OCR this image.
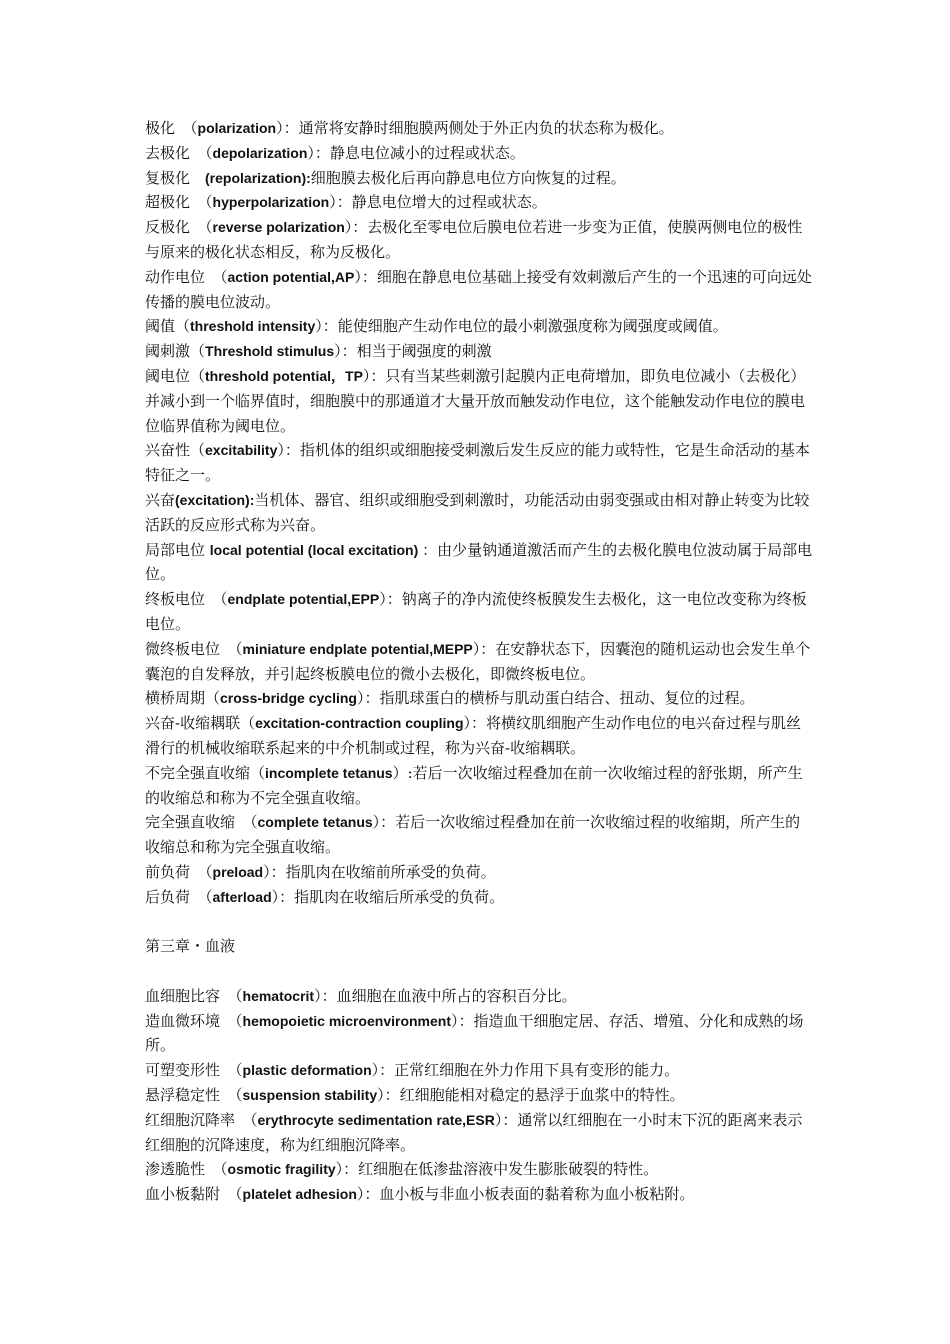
极化　（polarization）：通常将安静时细胞膜两侧处于外正内负的状态称为极化。

去极化　（depolarization）：静息电位减小的过程或状态。

复极化　(repolarization):细胞膜去极化后再向静息电位方向恢复的过程。

超极化　（hyperpolarization）：静息电位增大的过程或状态。

反极化　（reverse polarization）：去极化至零电位后膜电位若进一步变为正值，使膜两侧电位的极性与原来的极化状态相反，称为反极化。

动作电位　（action potential,AP）：细胞在静息电位基础上接受有效刺激后产生的一个迅速的可向远处传播的膜电位波动。

阈值（threshold intensity）：能使细胞产生动作电位的最小刺激强度称为阈强度或阈值。

阈刺激（Threshold stimulus）：相当于阈强度的刺激

阈电位（threshold potential，TP）：只有当某些刺激引起膜内正电荷增加，即负电位减小（去极化）并减小到一个临界值时，细胞膜中的那通道才大量开放而触发动作电位，这个能触发动作电位的膜电位临界值称为阈电位。

兴奋性（excitability）：指机体的组织或细胞接受刺激后发生反应的能力或特性，它是生命活动的基本特征之一。

兴奋(excitation):当机体、器官、组织或细胞受到刺激时，功能活动由弱变强或由相对静止转变为比较活跃的反应形式称为兴奋。

局部电位 local potential (local excitation) ：由少量钠通道激活而产生的去极化膜电位波动属于局部电位。

终板电位　（endplate potential,EPP）：钠离子的净内流使终板膜发生去极化，这一电位改变称为终板电位。

微终板电位　（miniature endplate potential,MEPP）：在安静状态下，因囊泡的随机运动也会发生单个囊泡的自发释放，并引起终板膜电位的微小去极化，即微终板电位。

横桥周期（cross-bridge cycling）：指肌球蛋白的横桥与肌动蛋白结合、扭动、复位的过程。

兴奋-收缩耦联（excitation-contraction coupling）：将横纹肌细胞产生动作电位的电兴奋过程与肌丝滑行的机械收缩联系起来的中介机制或过程，称为兴奋-收缩耦联。

不完全强直收缩（incomplete tetanus）:若后一次收缩过程叠加在前一次收缩过程的舒张期，所产生的收缩总和称为不完全强直收缩。

完全强直收缩　（complete tetanus）：若后一次收缩过程叠加在前一次收缩过程的收缩期，所产生的收缩总和称为完全强直收缩。

前负荷　（preload）：指肌肉在收缩前所承受的负荷。

后负荷　（afterload）：指肌肉在收缩后所承受的负荷。

第三章・血液

血细胞比容　（hematocrit）：血细胞在血液中所占的容积百分比。

造血微环境　（hemopoietic microenvironment）：指造血干细胞定居、存活、增殖、分化和成熟的场所。

可塑变形性　（plastic deformation）：正常红细胞在外力作用下具有变形的能力。

悬浮稳定性　（suspension stability）：红细胞能相对稳定的悬浮于血浆中的特性。

红细胞沉降率　（erythrocyte sedimentation rate,ESR）：通常以红细胞在一小时末下沉的距离来表示红细胞的沉降速度，称为红细胞沉降率。

渗透脆性　（osmotic fragility）：红细胞在低渗盐溶液中发生膨胀破裂的特性。

血小板黏附　（platelet adhesion）：血小板与非血小板表面的黏着称为血小板粘附。
